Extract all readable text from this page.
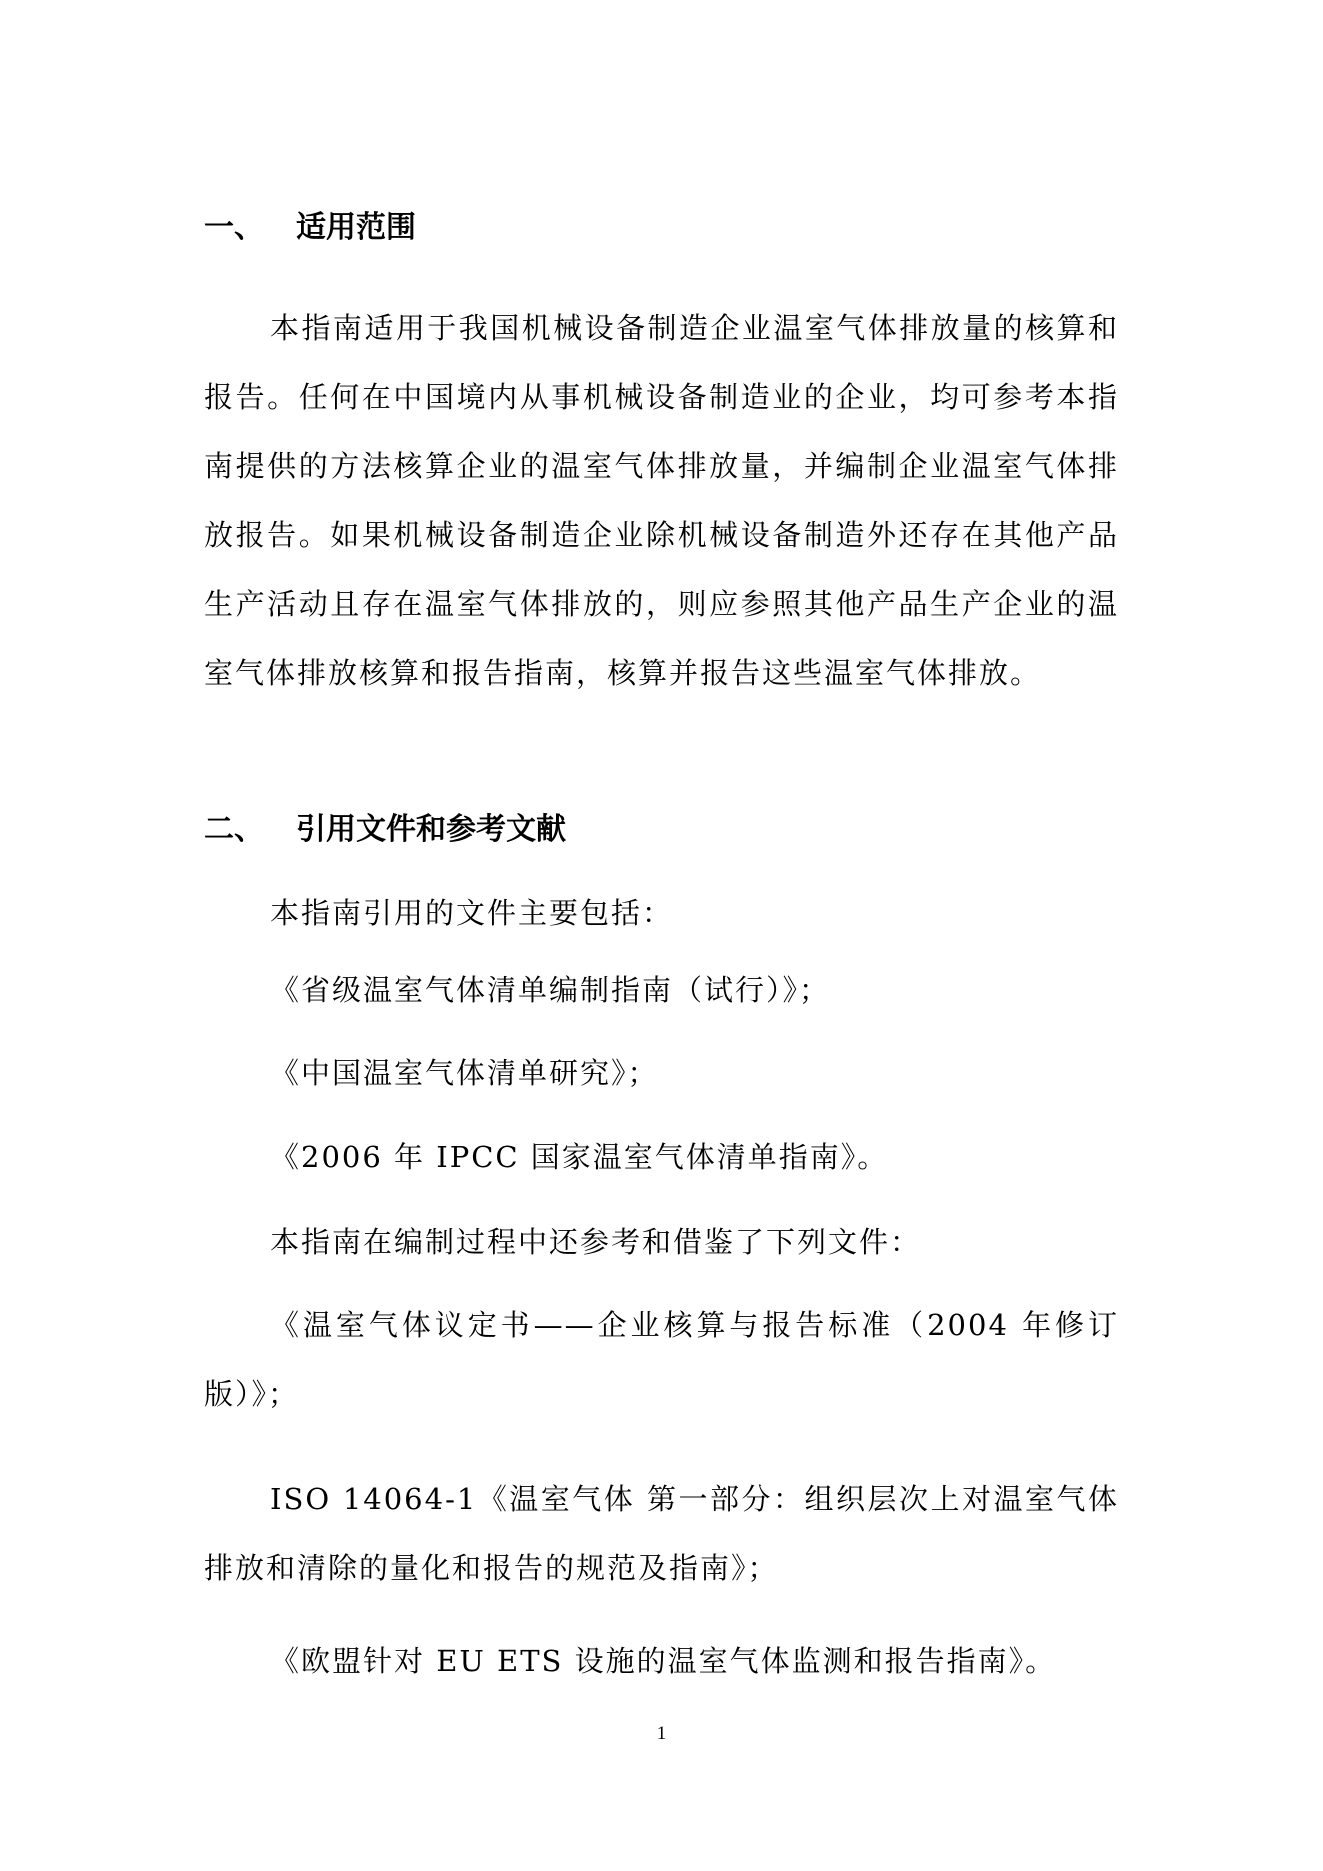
一、 适用范围
本指南适用于我国机械设备制造企业温室气体排放量的核算和报告。任何在中国境内从事机械设备制造业的企业，均可参考本指南提供的方法核算企业的温室气体排放量，并编制企业温室气体排放报告。如果机械设备制造企业除机械设备制造外还存在其他产品生产活动且存在温室气体排放的，则应参照其他产品生产企业的温室气体排放核算和报告指南，核算并报告这些温室气体排放。
二、 引用文件和参考文献
本指南引用的文件主要包括：
《省级温室气体清单编制指南（试行）》；
《中国温室气体清单研究》；
《2006 年 IPCC 国家温室气体清单指南》。
本指南在编制过程中还参考和借鉴了下列文件：
《温室气体议定书——企业核算与报告标准（2004 年修订版）》；
ISO 14064-1《温室气体 第一部分：组织层次上对温室气体排放和清除的量化和报告的规范及指南》；
《欧盟针对 EU ETS 设施的温室气体监测和报告指南》。
1
